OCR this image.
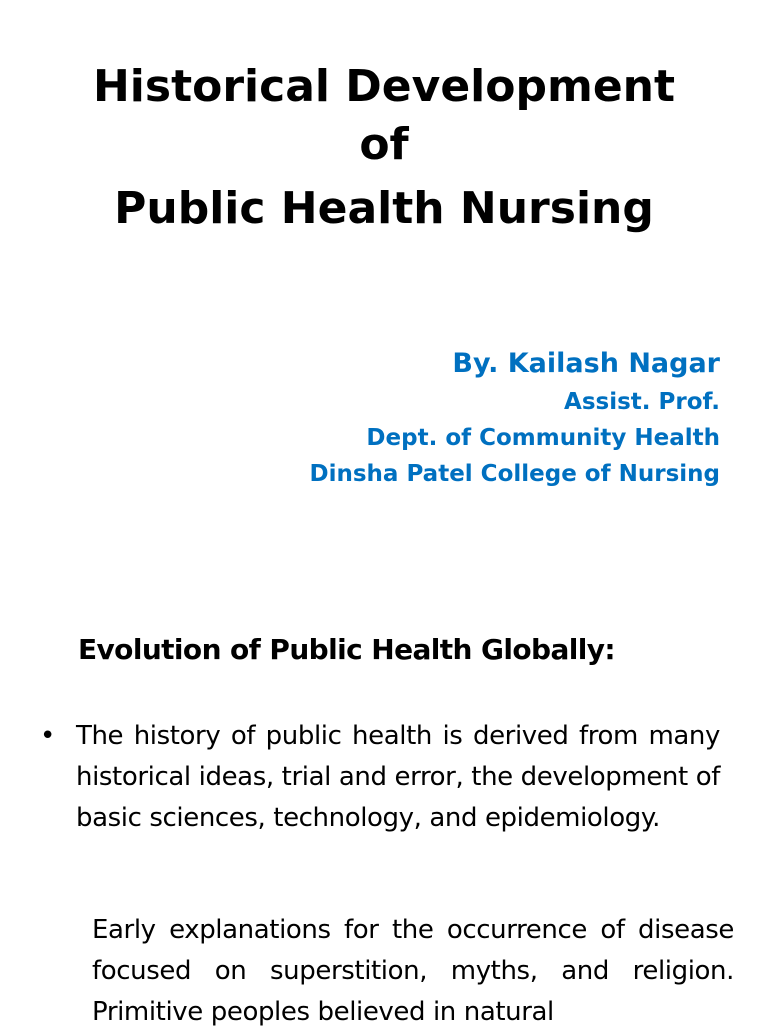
Historical Development
of
Public Health Nursing
By. Kailash Nagar
Assist. Prof.
Dept. of Community Health
Dinsha Patel College of Nursing
Evolution of Public Health Globally:
• The history of public health is derived from many historical ideas, trial and error, the development of basic sciences, technology, and epidemiology.

Early explanations for the occurrence of disease focused on superstition, myths, and religion. Primitive peoples believed in natural
